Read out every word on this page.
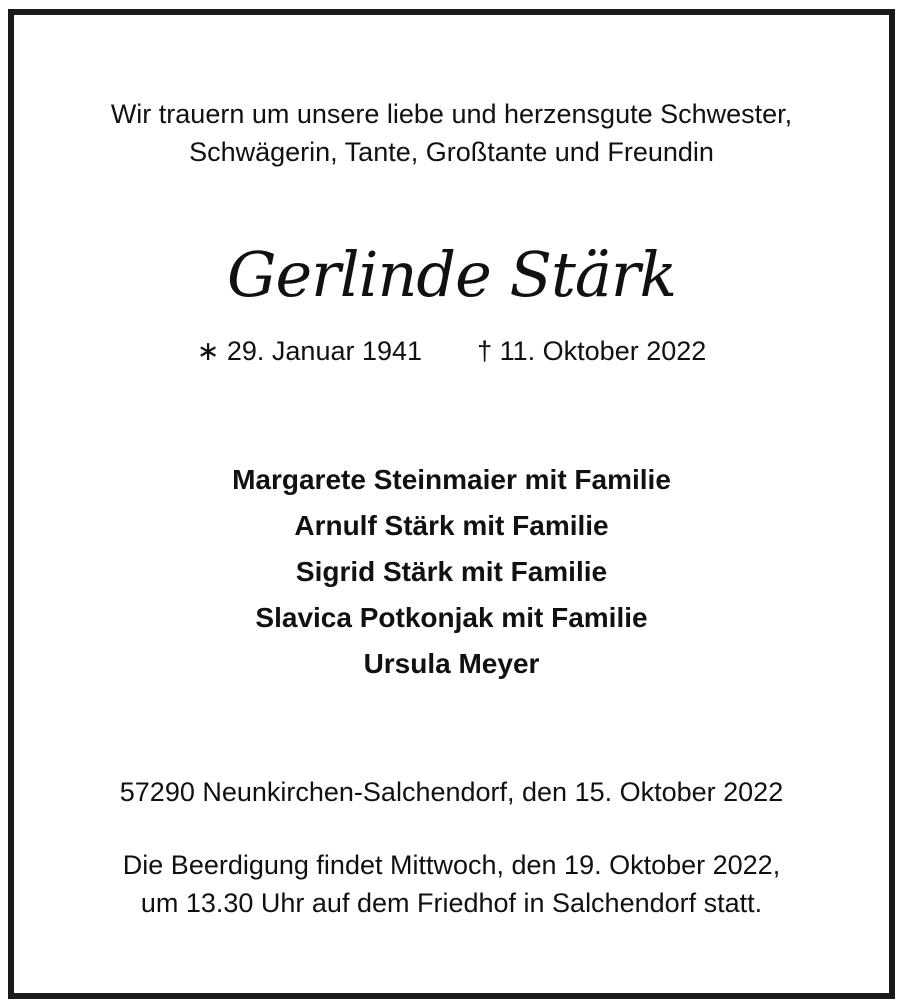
Wir trauern um unsere liebe und herzensgute Schwester,
Schwägerin, Tante, Großtante und Freundin
Gerlinde Stärk
∗ 29. Januar 1941 † 11. Oktober 2022
Margarete Steinmaier mit Familie
Arnulf Stärk mit Familie
Sigrid Stärk mit Familie
Slavica Potkonjak mit Familie
Ursula Meyer
57290 Neunkirchen-Salchendorf, den 15. Oktober 2022
Die Beerdigung findet Mittwoch, den 19. Oktober 2022,
um 13.30 Uhr auf dem Friedhof in Salchendorf statt.
